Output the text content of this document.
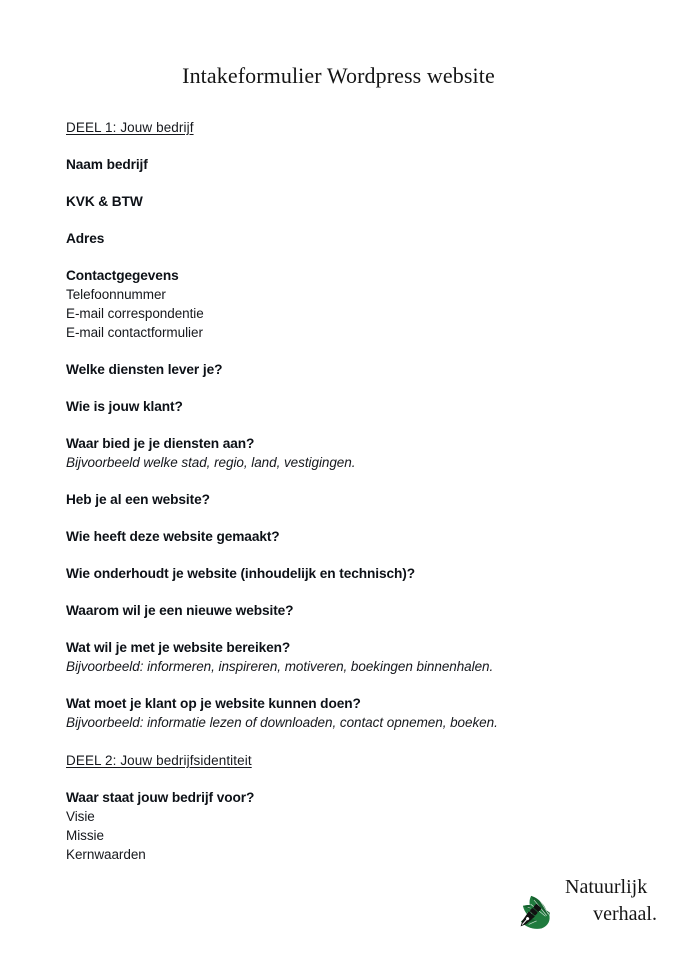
Intakeformulier Wordpress website
DEEL 1: Jouw bedrijf
Naam bedrijf
KVK & BTW
Adres
Contactgegevens
Telefoonnummer
E-mail correspondentie
E-mail contactformulier
Welke diensten lever je?
Wie is jouw klant?
Waar bied je je diensten aan?
Bijvoorbeeld welke stad, regio, land, vestigingen.
Heb je al een website?
Wie heeft deze website gemaakt?
Wie onderhoudt je website (inhoudelijk en technisch)?
Waarom wil je een nieuwe website?
Wat wil je met je website bereiken?
Bijvoorbeeld: informeren, inspireren, motiveren, boekingen binnenhalen.
Wat moet je klant op je website kunnen doen?
Bijvoorbeeld: informatie lezen of downloaden, contact opnemen, boeken.
DEEL 2: Jouw bedrijfsidentiteit
Waar staat jouw bedrijf voor?
Visie
Missie
Kernwaarden
Natuurlijk
verhaal.
